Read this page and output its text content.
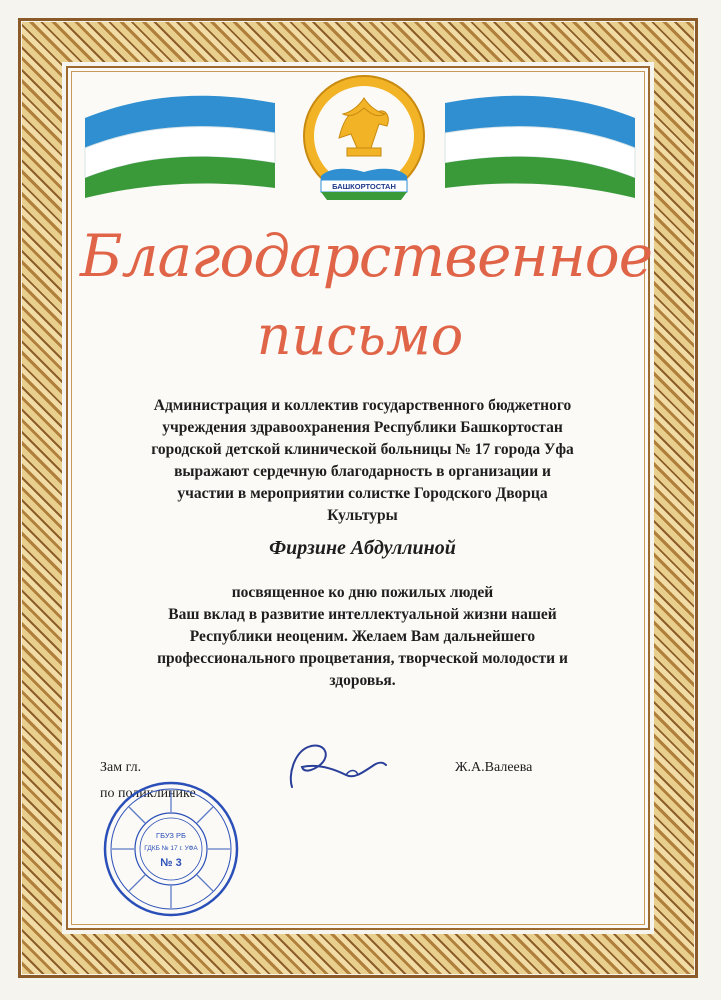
БАШКОРТОСТАН
Благодарственное
письмо
Администрация и коллектив государственного бюджетного
учреждения здравоохранения Республики Башкортостан
городской детской клинической больницы № 17 города Уфа
выражают сердечную благодарность в организации и
участии в мероприятии солистке Городского Дворца
Культуры
Фирзине Абдуллиной
посвященное ко дню пожилых людей
Ваш вклад в развитие интеллектуальной жизни нашей
Республики неоценим. Желаем Вам дальнейшего
профессионального процветания, творческой молодости и
здоровья.
Зам гл.
по поликлинике
Ж.А.Валеева
ГБУЗ РБ
ГДКБ № 17 г. УФА
№ 3
